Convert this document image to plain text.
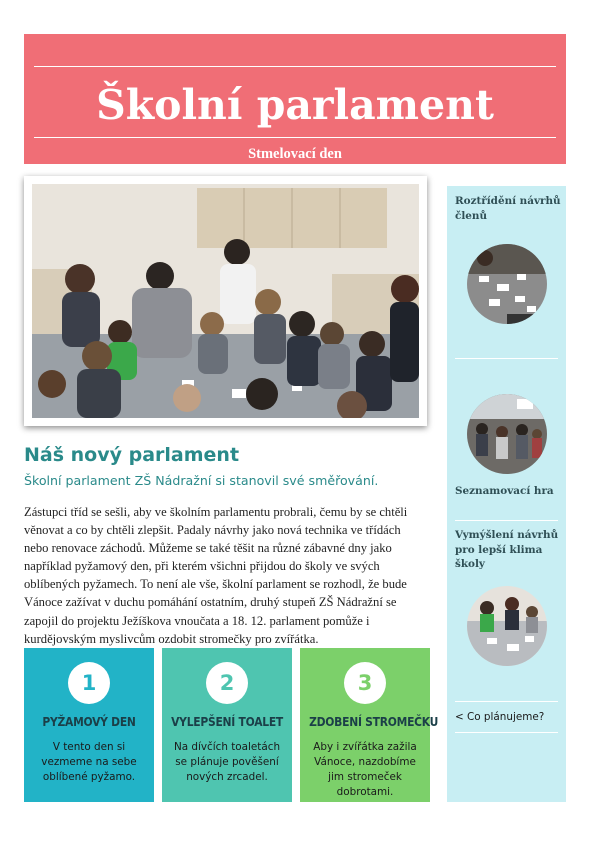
Školní parlament
Stmelovací den
Náš nový parlament
Školní parlament ZŠ Nádražní si stanovil své směřování.
Zástupci tříd se sešli, aby ve školním parlamentu probrali, čemu by se chtěli věnovat a co by chtěli zlepšit. Padaly návrhy jako nová technika ve třídách nebo renovace záchodů. Můžeme se také těšit na různé zábavné dny jako například pyžamový den, při kterém všichni přijdou do školy ve svých oblíbených pyžamech. To není ale vše, školní parlament se rozhodl, že bude Vánoce zažívat v duchu pomáhání ostatním, druhý stupeň ZŠ Nádražní se zapojil do projektu Ježíškova vnoučata a 18. 12. parlament pomůže i kurdějovským myslivcům ozdobit stromečky pro zvířátka.
1
PYŽAMOVÝ DEN
V tento den si vezmeme na sebe oblíbené pyžamo.
2
VYLEPŠENÍ TOALET
Na dívčích toaletách se plánuje pověšení nových zrcadel.
3
ZDOBENÍ STROMEČKU
Aby i zvířátka zažila Vánoce, nazdobíme jim stromeček dobrotami.
Roztřídění návrhů členů
Seznamovací hra
Vymýšlení návrhů pro lepší klima školy
< Co plánujeme?
